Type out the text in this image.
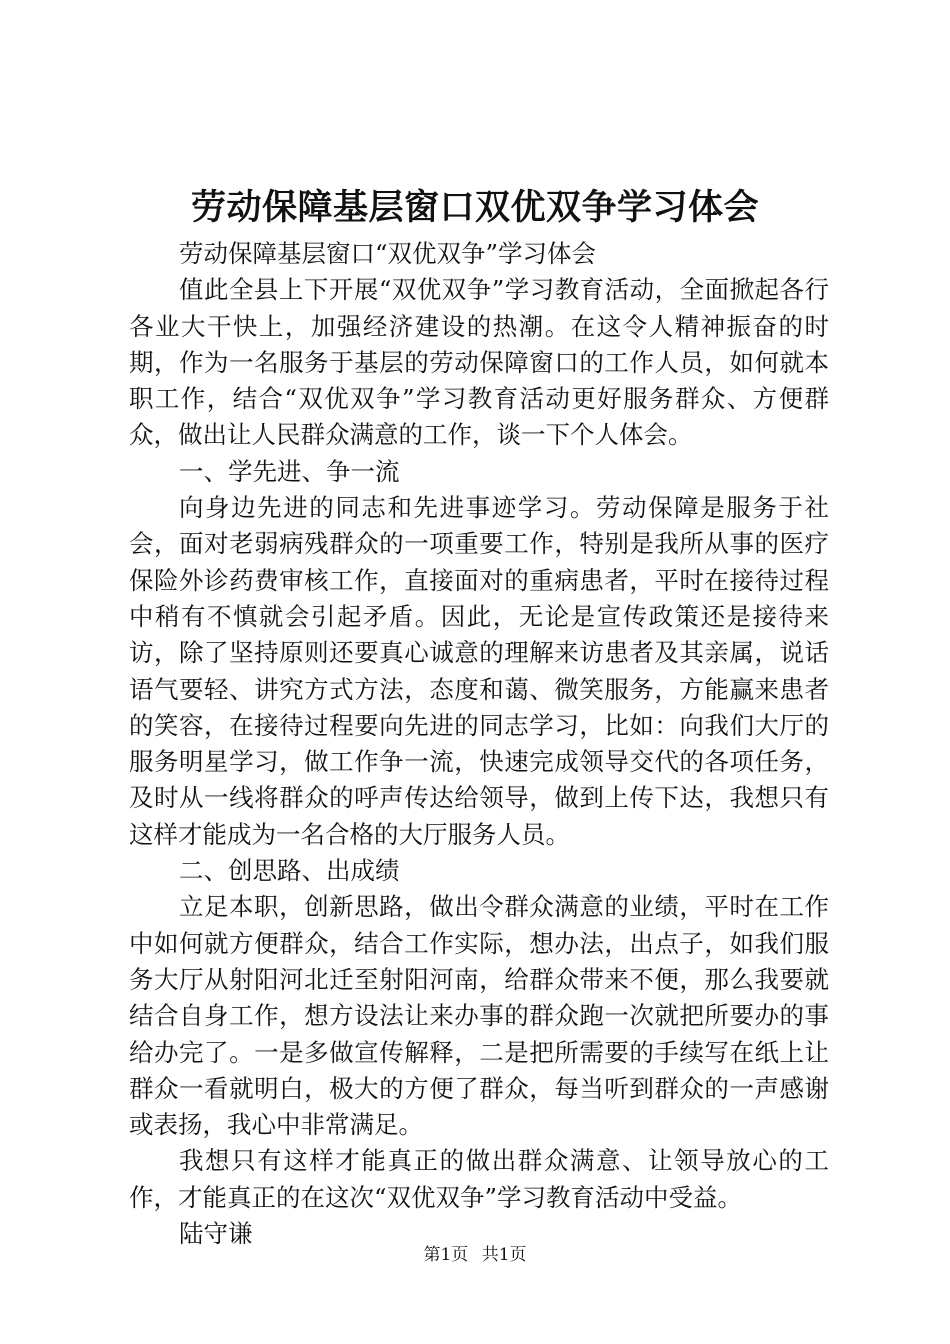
劳动保障基层窗口双优双争学习体会

劳动保障基层窗口“双优双争”学习体会

值此全县上下开展“双优双争”学习教育活动，全面掀起各行各业大干快上，加强经济建设的热潮。在这令人精神振奋的时期，作为一名服务于基层的劳动保障窗口的工作人员，如何就本职工作，结合“双优双争”学习教育活动更好服务群众、方便群众，做出让人民群众满意的工作，谈一下个人体会。

一、学先进、争一流

向身边先进的同志和先进事迹学习。劳动保障是服务于社会，面对老弱病残群众的一项重要工作，特别是我所从事的医疗保险外诊药费审核工作，直接面对的重病患者，平时在接待过程中稍有不慎就会引起矛盾。因此，无论是宣传政策还是接待来访，除了坚持原则还要真心诚意的理解来访患者及其亲属，说话语气要轻、讲究方式方法，态度和蔼、微笑服务，方能赢来患者的笑容，在接待过程要向先进的同志学习，比如：向我们大厅的服务明星学习，做工作争一流，快速完成领导交代的各项任务，及时从一线将群众的呼声传达给领导，做到上传下达，我想只有这样才能成为一名合格的大厅服务人员。

二、创思路、出成绩

立足本职，创新思路，做出令群众满意的业绩，平时在工作中如何就方便群众，结合工作实际，想办法，出点子，如我们服务大厅从射阳河北迁至射阳河南，给群众带来不便，那么我要就结合自身工作，想方设法让来办事的群众跑一次就把所要办的事给办完了。一是多做宣传解释，二是把所需要的手续写在纸上让群众一看就明白，极大的方便了群众，每当听到群众的一声感谢或表扬，我心中非常满足。

我想只有这样才能真正的做出群众满意、让领导放心的工作，才能真正的在这次“双优双争”学习教育活动中受益。

陆守谦

第1页 共1页
